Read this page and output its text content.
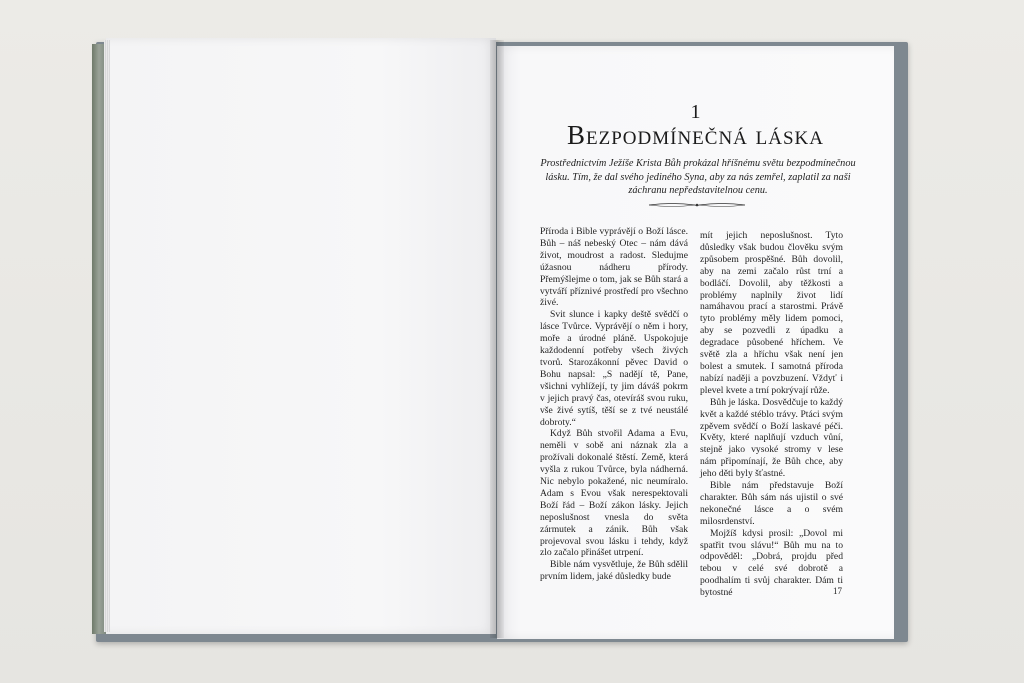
1
Bezpodmínečná láska
Prostřednictvím Ježíše Krista Bůh prokázal hříšnému světu bezpodmínečnou lásku. Tím, že dal svého jediného Syna, aby za nás zemřel, zaplatil za naši záchranu nepředstavitelnou cenu.

Příroda i Bible vyprávějí o Boží lásce. Bůh – náš nebeský Otec – nám dává život, moudrost a radost. Sledujme úžasnou nádheru přírody. Přemýšlejme o tom, jak se Bůh stará a vytváří příznivé prostředí pro všechno živé.

Svit slunce i kapky deště svědčí o lásce Tvůrce. Vyprávějí o něm i hory, moře a úrodné pláně. Uspokojuje každodenní potřeby všech živých tvorů. Starozákonní pěvec David o Bohu napsal: „S nadějí tě, Pane, všichni vyhlížejí, ty jim dáváš pokrm v jejich pravý čas, otevíráš svou ruku, vše živé sytíš, těší se z tvé neustálé dobroty.“

Když Bůh stvořil Adama a Evu, neměli v sobě ani náznak zla a prožívali dokonalé štěstí. Země, která vyšla z rukou Tvůrce, byla nádherná. Nic nebylo pokažené, nic neumíralo. Adam s Evou však nerespektovali Boží řád – Boží zákon lásky. Jejich neposlušnost vnesla do světa zármutek a zánik. Bůh však projevoval svou lásku i tehdy, když zlo začalo přinášet utrpení.

Bible nám vysvětluje, že Bůh sdělil prvním lidem, jaké důsledky bude

mít jejich neposlušnost. Tyto důsledky však budou člověku svým způsobem prospěšné. Bůh dovolil, aby na zemi začalo růst trní a bodláčí. Dovolil, aby těžkosti a problémy naplnily život lidí namáhavou prací a starostmi. Právě tyto problémy měly lidem pomoci, aby se pozvedli z úpadku a degradace působené hříchem. Ve světě zla a hříchu však není jen bolest a smutek. I samotná příroda nabízí naději a povzbuzení. Vždyť i plevel kvete a trní pokrývají růže.

Bůh je láska. Dosvědčuje to každý květ a každé stéblo trávy. Ptáci svým zpěvem svědčí o Boží laskavé péči. Květy, které naplňují vzduch vůní, stejně jako vysoké stromy v lese nám připomínají, že Bůh chce, aby jeho děti byly šťastné.

Bible nám představuje Boží charakter. Bůh sám nás ujistil o své nekonečné lásce a o svém milosrdenství.

Mojžíš kdysi prosil: „Dovol mi spatřit tvou slávu!“ Bůh mu na to odpověděl: „Dobrá, projdu před tebou v celé své dobrotě a poodhalím ti svůj charakter. Dám ti bytostné	17
